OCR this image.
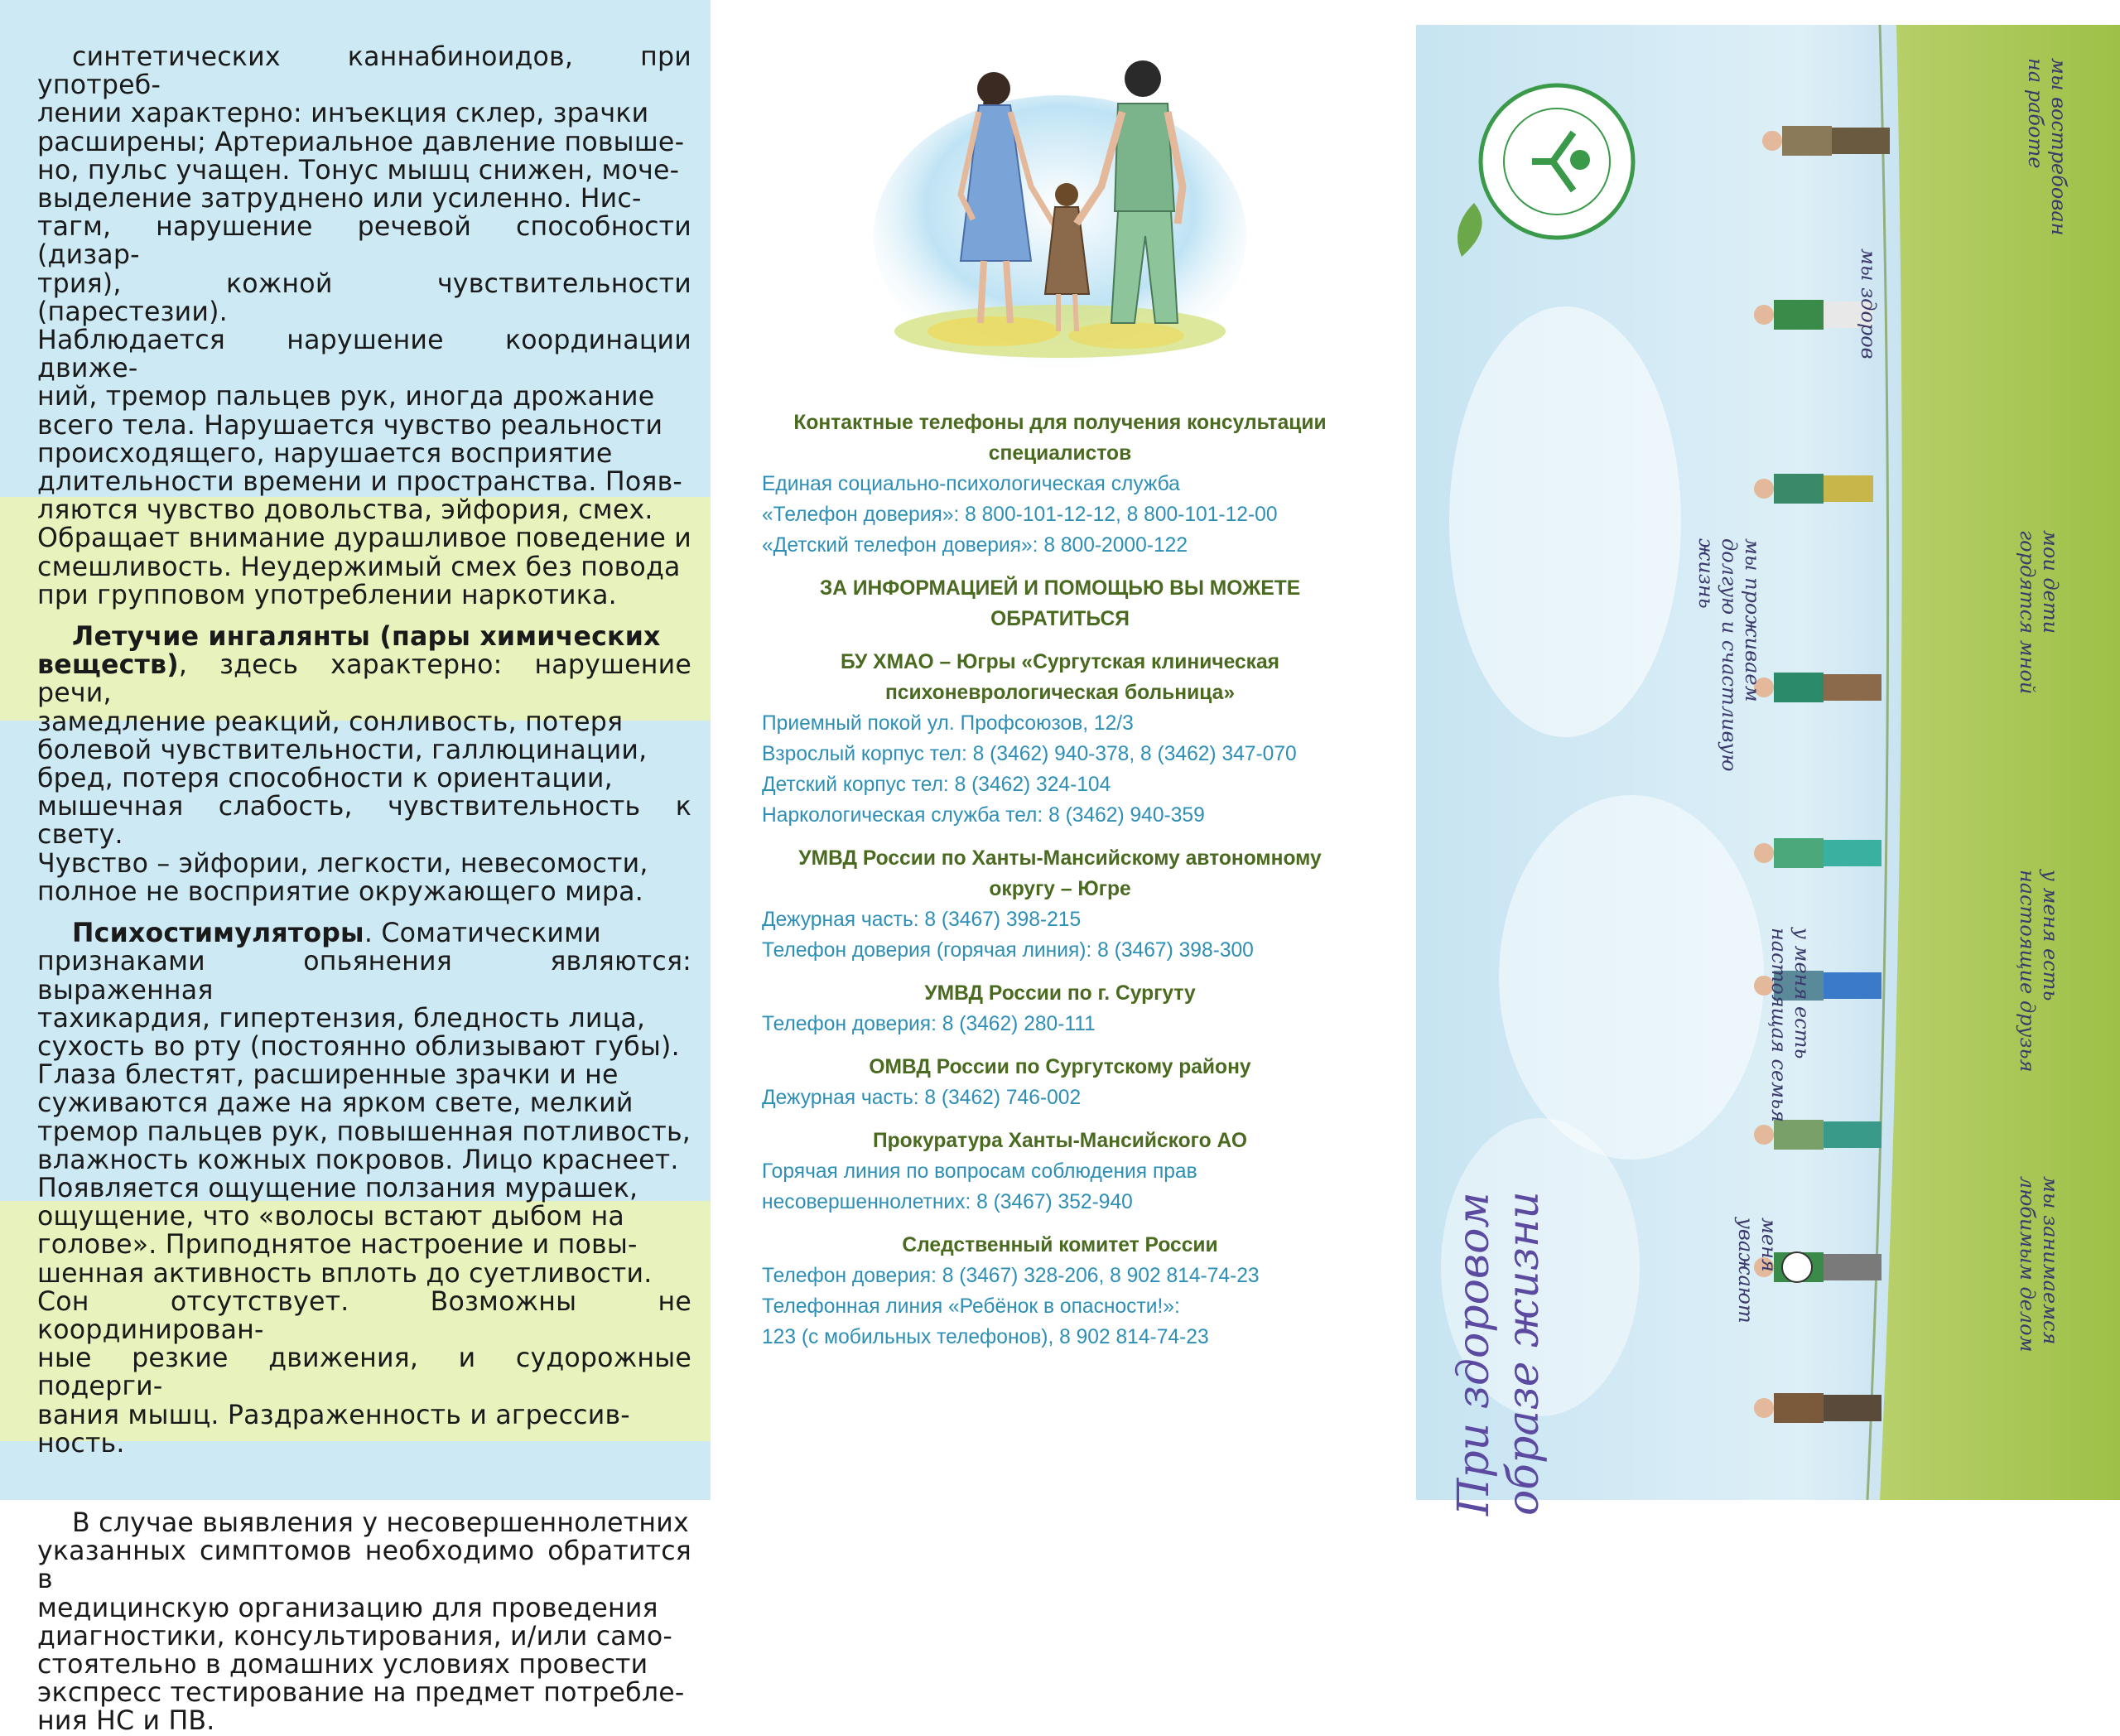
синтетических каннабиноидов, при употреб-

лении характерно: инъекция склер, зрачки

расширены; Артериальное давление повыше-

но, пульс учащен. Тонус мышц снижен, моче-

выделение затруднено или усиленно. Нис-

тагм, нарушение речевой способности (дизар-

трия), кожной чувствительности (парестезии).

Наблюдается нарушение координации движе-

ний, тремор пальцев рук, иногда дрожание

всего тела. Нарушается чувство реальности

происходящего, нарушается восприятие

длительности времени и пространства. Появ-

ляются чувство довольства, эйфория, смех.

Обращает внимание дурашливое поведение и

смешливость. Неудержимый смех без повода

при групповом употреблении наркотика.

Летучие ингалянты (пары химических

веществ), здесь характерно: нарушение речи,

замедление реакций, сонливость, потеря

болевой чувствительности, галлюцинации,

бред, потеря способности к ориентации,

мышечная слабость, чувствительность к свету.

Чувство – эйфории, легкости, невесомости,

полное не восприятие окружающего мира.

Психостимуляторы. Соматическими

признаками опьянения являются: выраженная

тахикардия, гипертензия, бледность лица,

сухость во рту (постоянно облизывают губы).

Глаза блестят, расширенные зрачки и не

суживаются даже на ярком свете, мелкий

тремор пальцев рук, повышенная потливость,

влажность кожных покровов. Лицо краснеет.

Появляется ощущение ползания мурашек,

ощущение, что «волосы встают дыбом на

голове». Приподнятое настроение и повы-

шенная активность вплоть до суетливости.

Сон отсутствует. Возможны не координирован-

ные резкие движения, и судорожные подерги-

вания мышц. Раздраженность и агрессив-

ность.

В случае выявления у несовершеннолетних

указанных симптомов необходимо обратится в

медицинскую организацию для проведения

диагностики, консультирования, и/или само-

стоятельно в домашних условиях провести

экспресс тестирование на предмет потребле-

ния НС и ПВ.

Контактные телефоны для получения консультации
специалистов
Единая социально-психологическая служба
«Телефон доверия»: 8 800-101-12-12, 8 800-101-12-00
«Детский телефон доверия»: 8 800-2000-122
ЗА ИНФОРМАЦИЕЙ И ПОМОЩЬЮ ВЫ МОЖЕТЕ
ОБРАТИТЬСЯ
БУ ХМАО – Югры «Сургутская клиническая
психоневрологическая больница»
Приемный покой ул. Профсоюзов, 12/3
Взрослый корпус тел: 8 (3462) 940-378, 8 (3462) 347-070
Детский корпус тел: 8 (3462) 324-104
Наркологическая служба тел: 8 (3462) 940-359
УМВД России по Ханты-Мансийскому автономному
округу – Югре
Дежурная часть: 8 (3467) 398-215
Телефон доверия (горячая линия): 8 (3467) 398-300
УМВД России по г. Сургуту
Телефон доверия: 8 (3462) 280-111
ОМВД России по Сургутскому району
Дежурная часть: 8 (3462) 746-002
Прокуратура Ханты-Мансийского АО
Горячая линия по вопросам соблюдения прав
несовершеннолетних: 8 (3467) 352-940
Следственный комитет России
Телефон доверия: 8 (3467) 328-206, 8 902 814-74-23
Телефонная линия «Ребёнок в опасности!»:
123 (с мобильных телефонов), 8 902 814-74-23	При здоровом образе жизни
мы востребован
на работе
мы здоров
мои дети
гордятся мной
мы проживаем
долгую и счастливую
жизнь
у меня есть
настоящие друзья
у меня есть
настоящая семья
мы занимаемся
любимым делом
меня
уважают
